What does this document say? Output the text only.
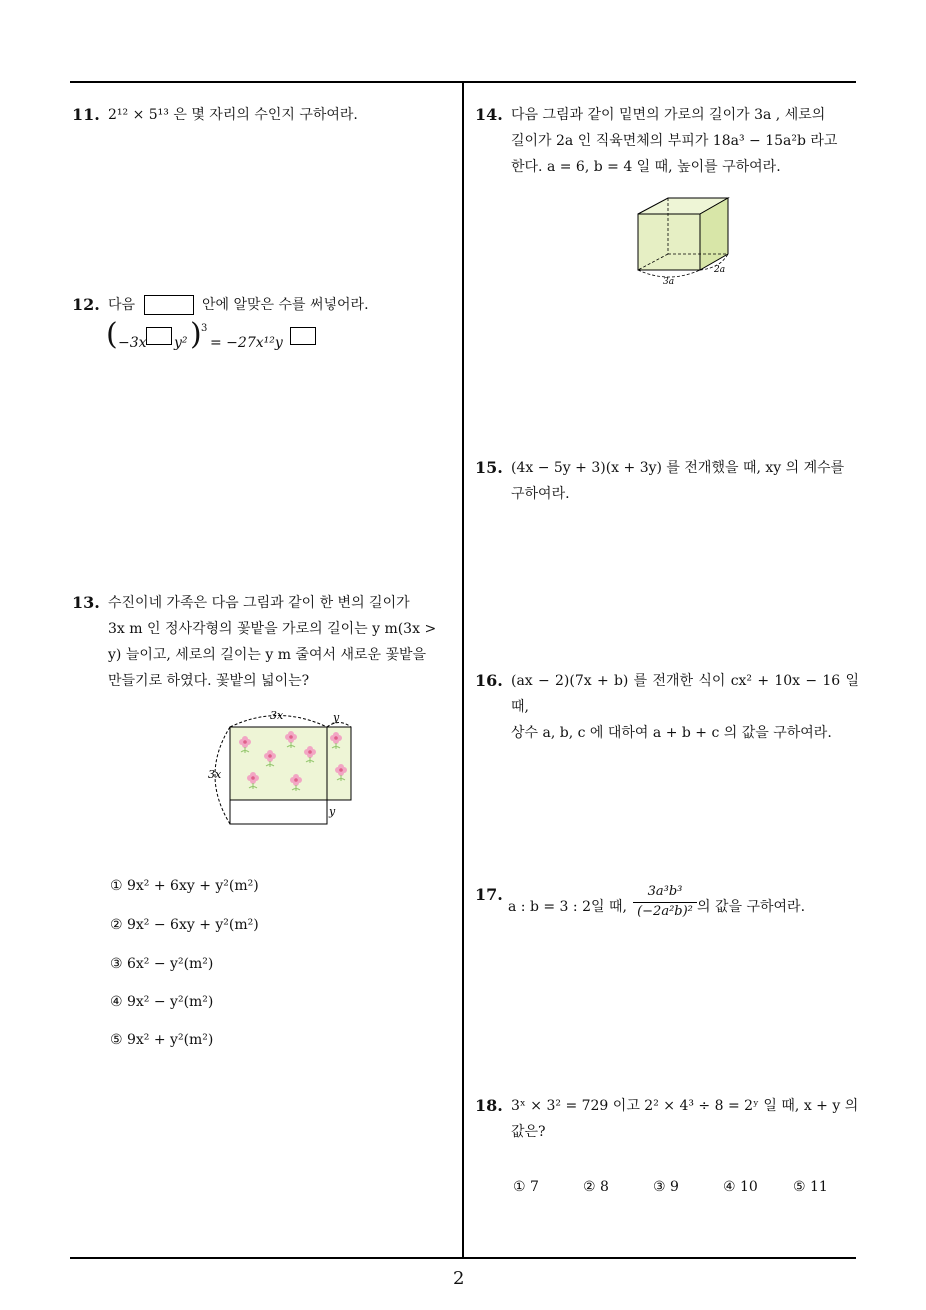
11. 2¹² × 5¹³ 은 몇 자리의 수인지 구하여라.
12. 다음	안에 알맞은 수를 써넣어라.
( −3x y² ) 3
= −27x¹²y
13. 수진이네 가족은 다음 그림과 같이 한 변의 길이가
3x m 인 정사각형의 꽃밭을 가로의 길이는 y m(3x >
y) 늘이고, 세로의 길이는 y m 줄여서 새로운 꽃밭을
만들기로 하였다. 꽃밭의 넓이는?
3x	y
3x
y
① 9x² + 6xy + y²(m²)
② 9x² − 6xy + y²(m²)
③ 6x² − y²(m²)
④ 9x² − y²(m²)
⑤ 9x² + y²(m²)
14. 다음 그림과 같이 밑면의 가로의 길이가 3a , 세로의
길이가 2a 인 직육면체의 부피가 18a³ − 15a²b 라고
한다. a = 6, b = 4 일 때, 높이를 구하여라.
3a
2a
15. (4x − 5y + 3)(x + 3y) 를 전개했을 때, xy 의 계수를
구하여라.
16. (ax − 2)(7x + b) 를 전개한 식이 cx² + 10x − 16 일 때,
상수 a, b, c 에 대하여 a + b + c 의 값을 구하여라.
17.
a : b = 3 : 2일 때, $\frac{\text{3a³b³}}{\text{(−2a²b)²}}$ 의 값을 구하여라.
18. 3ˣ × 3² = 729 이고 2² × 4³ ÷ 8 = 2ʸ 일 때, x + y 의
값은?
① 7	② 8	③ 9	④ 10	⑤ 11
2
